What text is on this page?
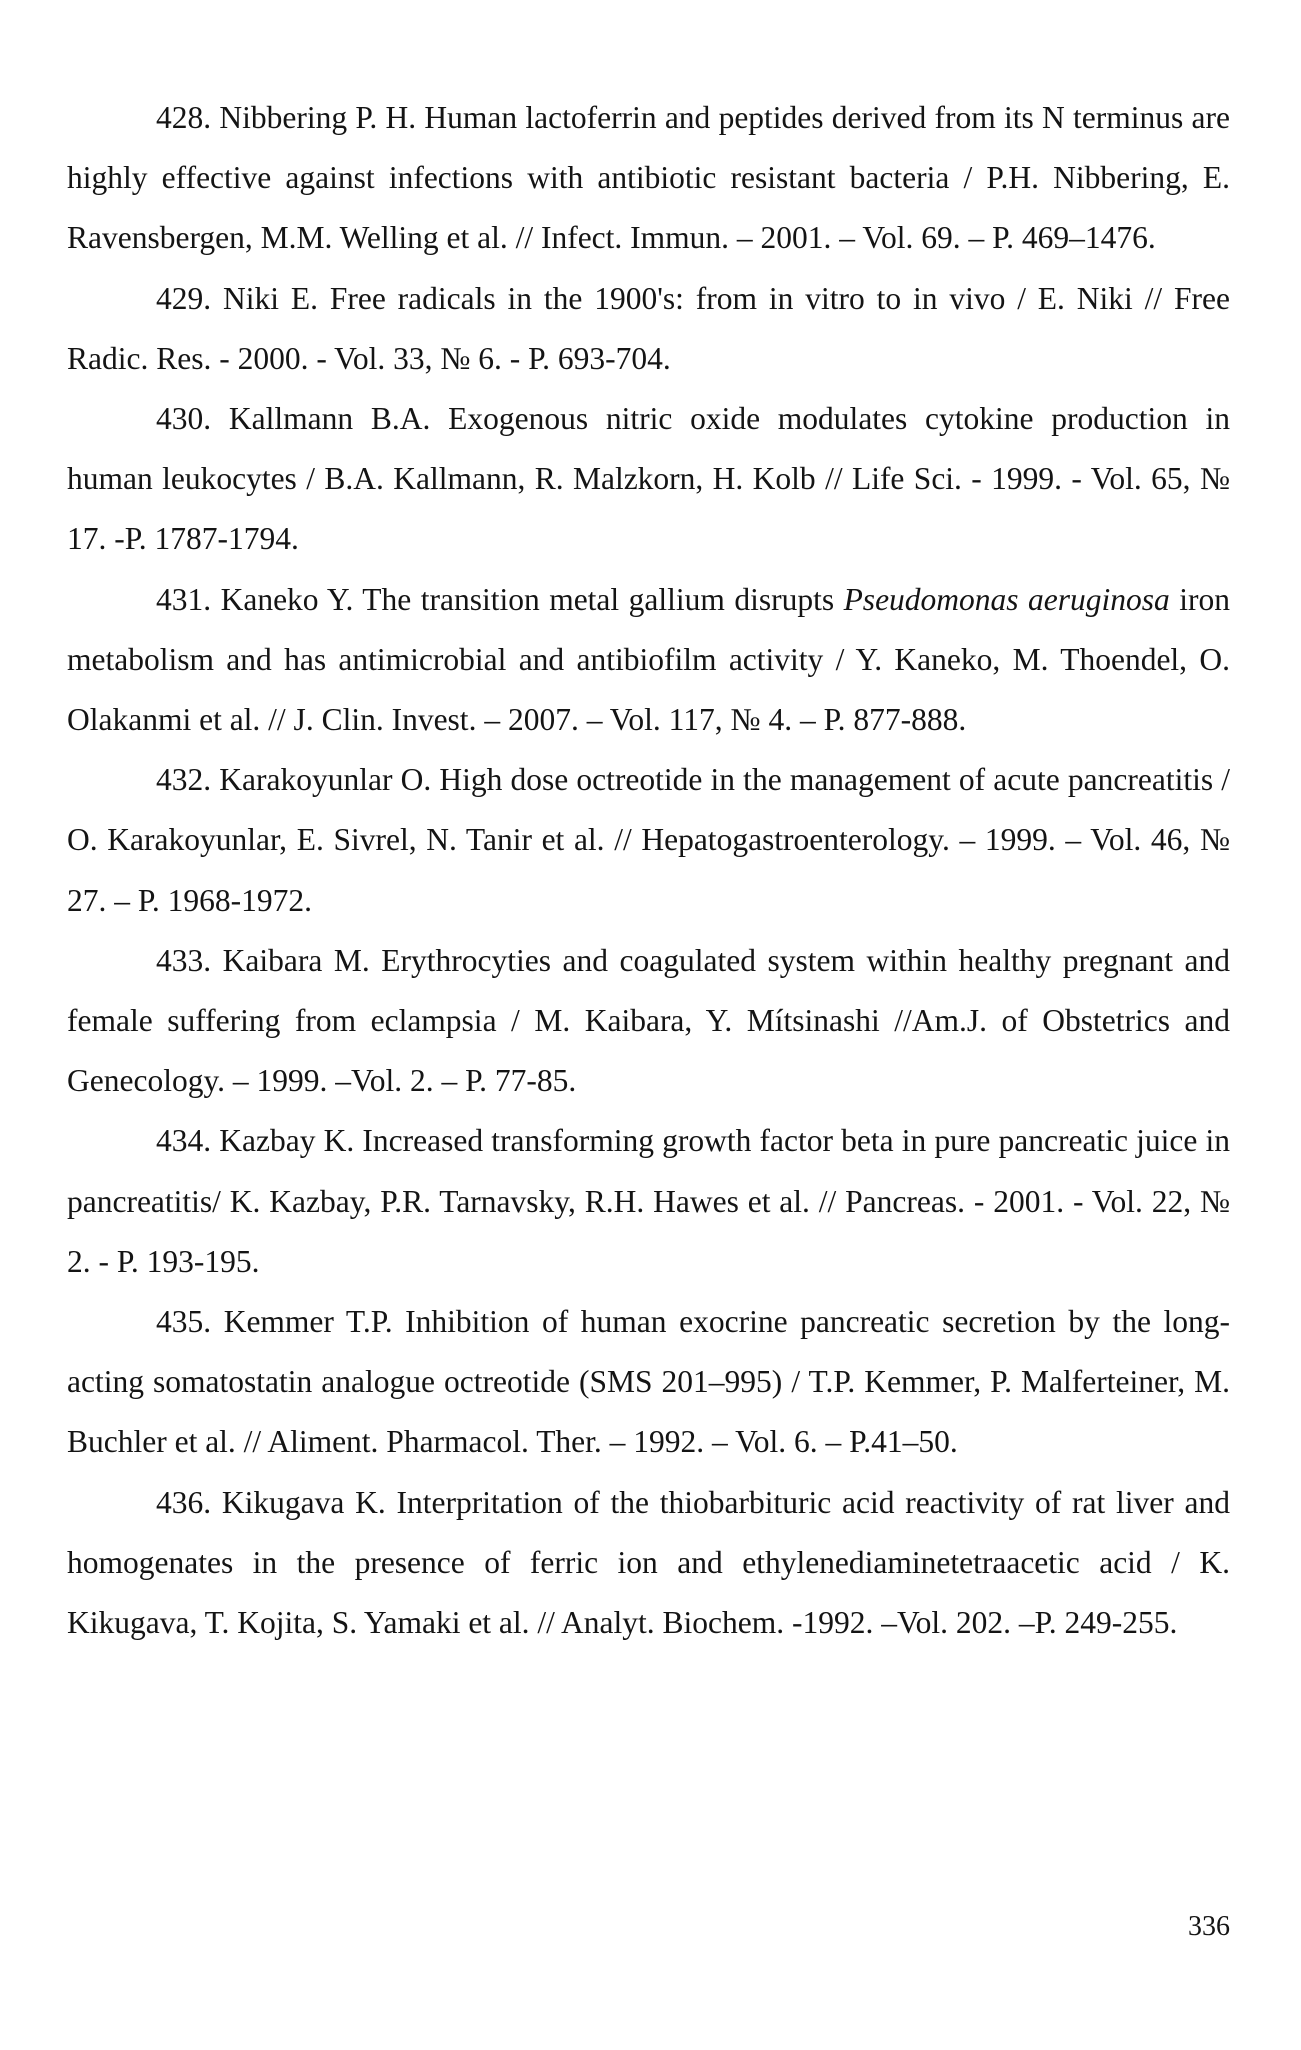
428. Nibbering P. H. Human lactoferrin and peptides derived from its N terminus are highly effective against infections with antibiotic resistant bacteria / P.H. Nibbering, E. Ravensbergen, M.M. Welling et al. // Infect. Immun. – 2001. – Vol. 69. – P. 469–1476.

429. Niki E. Free radicals in the 1900's: from in vitro to in vivo / E. Niki // Free Radic. Res. - 2000. - Vol. 33, № 6. - P. 693-704.

430. Kallmann B.A. Exogenous nitric oxide modulates cytokine production in human leukocytes / B.A. Kallmann, R. Malzkorn, H. Kolb // Life Sci. - 1999. - Vol. 65, № 17. -P. 1787-1794.

431. Kaneko Y. The transition metal gallium disrupts Pseudomonas aeruginosa iron metabolism and has antimicrobial and antibiofilm activity / Y. Kaneko, M. Thoendel, O. Olakanmi et al. // J. Clin. Invest. – 2007. – Vol. 117, № 4. – P. 877-888.

432. Karakoyunlar O. High dose octreotide in the management of acute pancreatitis / O. Karakoyunlar, E. Sivrel, N. Tanir et al. // Hepatogastroenterology. – 1999. – Vol. 46, № 27. – P. 1968-1972.

433. Kaibara M. Erythrocyties and coagulated system within healthy pregnant and female suffering from eclampsia / M. Kaibara, Y. Mítsinashi //Am.J. of Obstetrics and Genecology. – 1999. –Vol. 2. – P. 77-85.

434. Kazbay K. Increased transforming growth factor beta in pure pancreatic juice in pancreatitis/ K. Kazbay, P.R. Tarnavsky, R.H. Hawes et al. // Pancreas. - 2001. - Vol. 22, № 2. - P. 193-195.

435. Kemmer T.P. Inhibition of human exocrine pancreatic secretion by the long-acting somatostatin analogue octreotide (SMS 201–995) / T.P. Kemmer, P. Malferteiner, M. Buchler et al. // Aliment. Pharmacol. Ther. – 1992. – Vol. 6. – P.41–50.

436. Kikugava K. Interpritation of the thiobarbituric acid reactivity of rat liver and homogenates in the presence of ferric ion and ethylenediaminetetraacetic acid / K. Kikugava, T. Kojita, S. Yamaki et al. // Analyt. Biochem. -1992. –Vol. 202. –P. 249-255.

336
